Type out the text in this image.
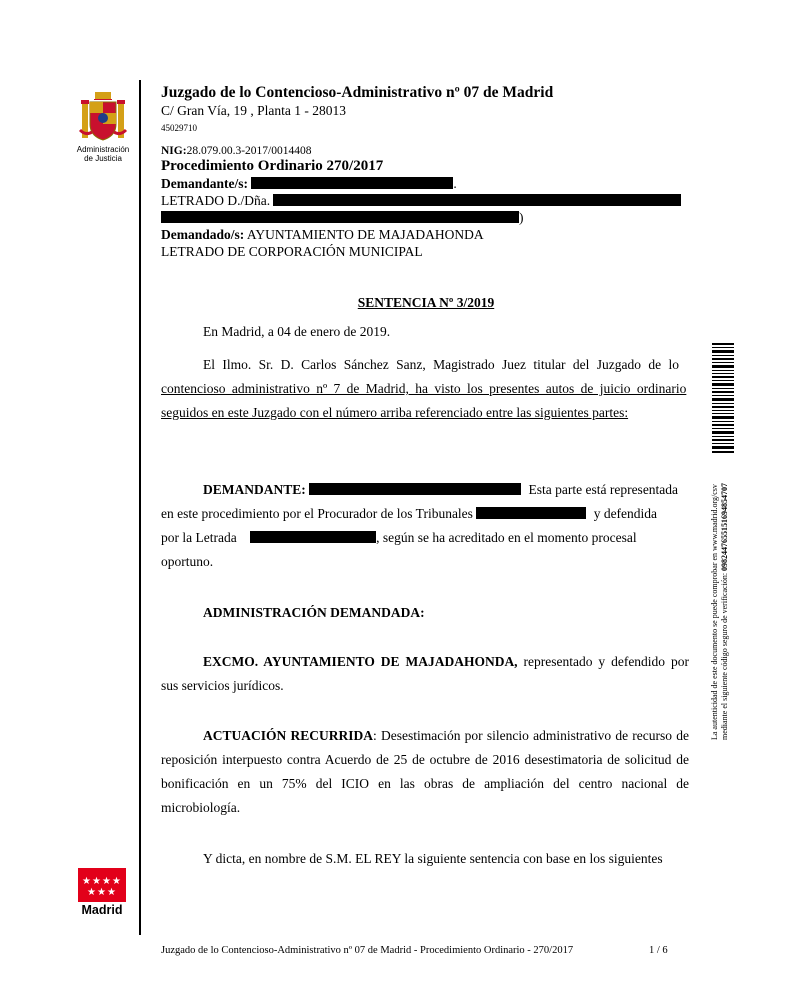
Administración
de Justicia
Juzgado de lo Contencioso-Administrativo nº 07 de Madrid
C/ Gran Vía, 19 , Planta 1 - 28013
45029710
NIG:28.079.00.3-2017/0014408
Procedimiento Ordinario 270/2017
Demandante/s:	.
LETRADO D./Dña.
)
Demandado/s: AYUNTAMIENTO DE MAJADAHONDA
LETRADO DE CORPORACIÓN MUNICIPAL
SENTENCIA Nº 3/2019

En Madrid, a 04 de enero de 2019.

El Ilmo. Sr. D. Carlos Sánchez Sanz, Magistrado Juez titular del Juzgado de lo
contencioso administrativo nº 7 de Madrid, ha visto los presentes autos de juicio ordinario
seguidos en este Juzgado con el número arriba referenciado entre las siguientes partes:
DEMANDANTE:	Esta parte está representada
en este procedimiento por el Procurador de los Tribunales	y defendida
por la Letrada	, según se ha acreditado en el momento procesal
oportuno.

ADMINISTRACIÓN DEMANDADA:

EXCMO. AYUNTAMIENTO DE MAJADAHONDA, representado y defendido por sus servicios jurídicos.

ACTUACIÓN RECURRIDA: Desestimación por silencio administrativo de recurso de reposición interpuesto contra Acuerdo de 25 de octubre de 2016 desestimatoria de solicitud de bonificación en un 75% del ICIO en las obras de ampliación del centro nacional de microbiología.

Y dicta, en nombre de S.M. EL REY la siguiente sentencia con base en los siguientes

La autenticidad de este documento se puede comprobar en www.madrid.org/csv mediante el siguiente código seguro de verificación: 0982447655151694854707
★ ★ ★ ★
★ ★ ★
Madrid
Juzgado de lo Contencioso-Administrativo nº 07 de Madrid - Procedimiento Ordinario - 270/2017	1 / 6
